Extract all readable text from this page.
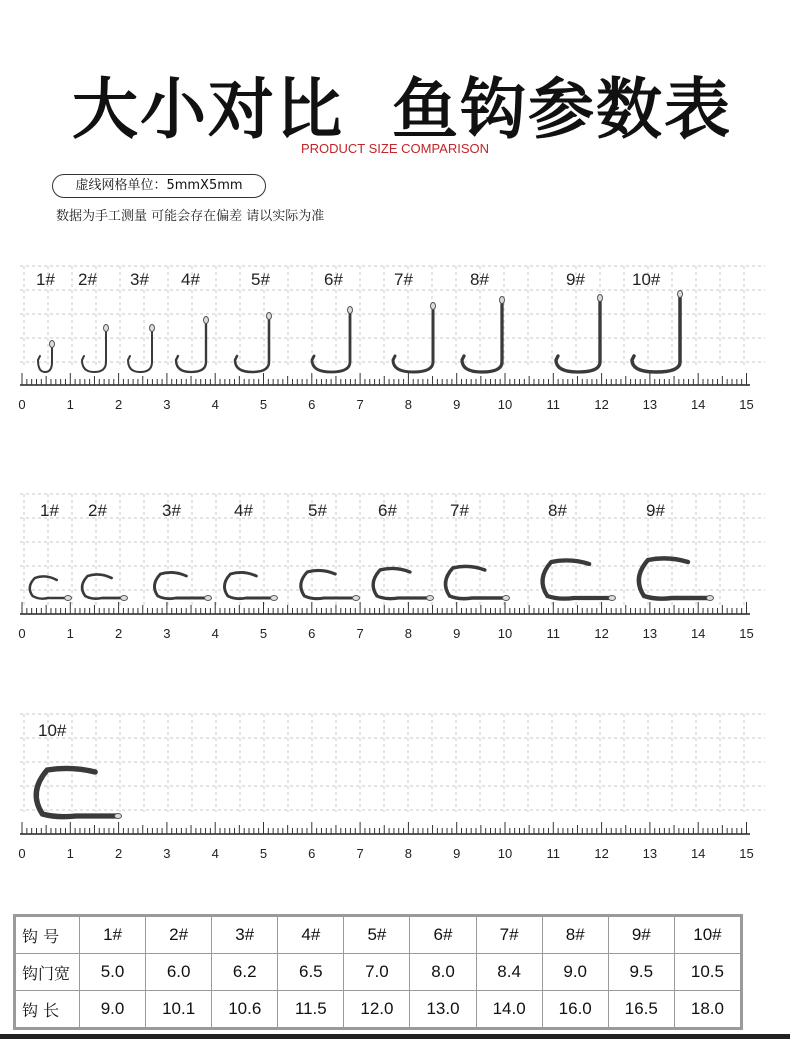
大小对比 鱼钩参数表
PRODUCT SIZE COMPARISON
虚线网格单位：5mmX5mm
数据为手工测量 可能会存在偏差 请以实际为准
1# 2# 3# 4#	5#	6#	7#	8#	9#	10#
0	1	2	3	4	5	6	7	8	9	10	11	12	13	14	15
1# 2#	3#	4#	5#	6#	7#	8#	9#
0	1	2	3	4	5	6	7	8	9	10	11	12	13	14	15
10#
0	1	2	3	4	5	6	7	8	9	10	11	12	13	14	15
钩 号	1#	2#	3#	4#	5#	6#	7#	8#	9#	10#
钩门宽	5.0	6.0	6.2	6.5	7.0	8.0	8.4	9.0	9.5	10.5
钩 长	9.0	10.1	10.6	11.5	12.0	13.0	14.0	16.0	16.5	18.0
